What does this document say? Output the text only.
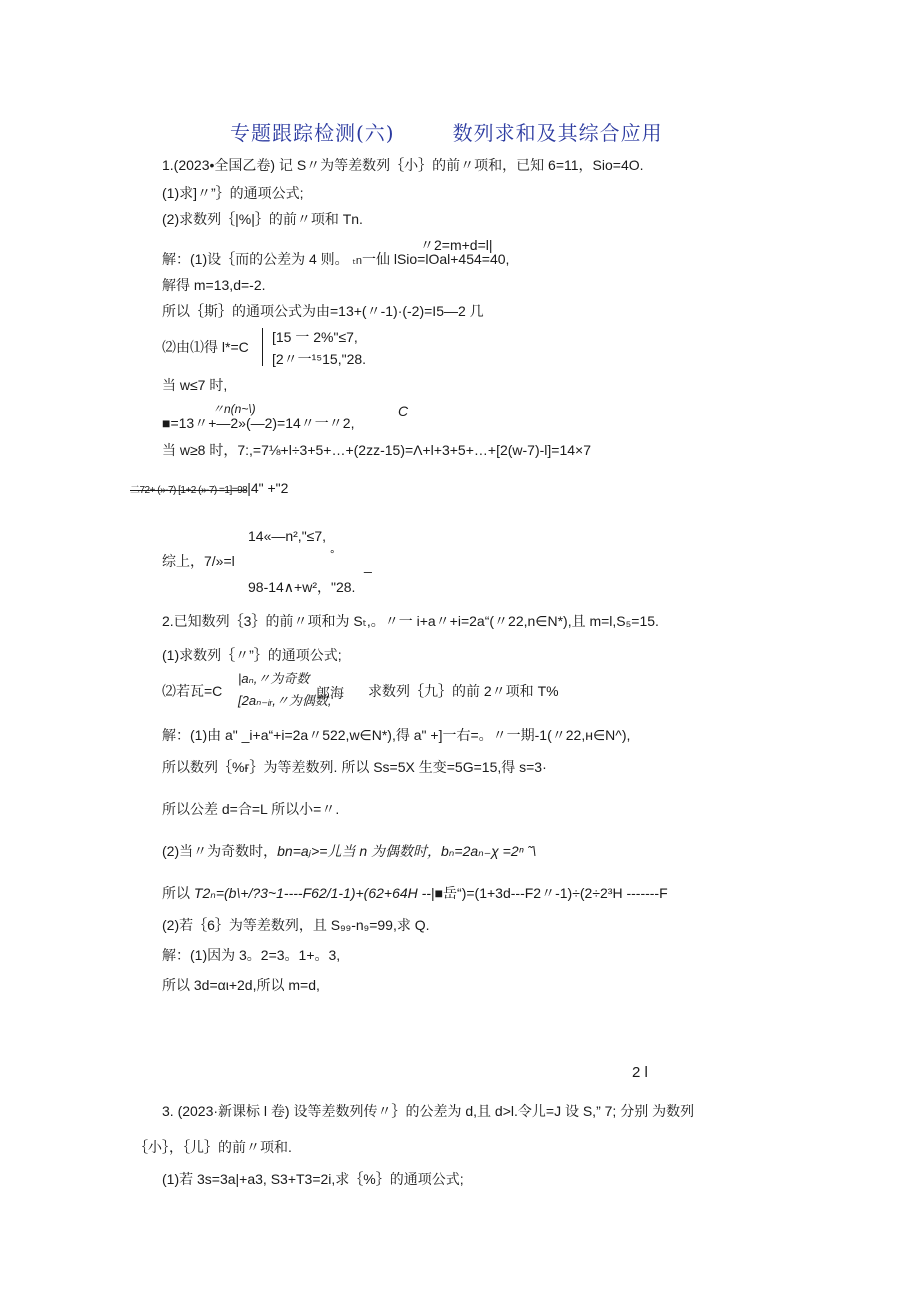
专题跟踪检测(六)	数列求和及其综合应用
1.(2023•全国乙卷) 记 S〃为等差数列｛小｝的前〃项和，已知 6=11，Sio=4O.
(1)求]〃”｝的通项公式;
(2)求数列｛|%|｝的前〃项和 Tn.
〃2=m+d=l|
解：(1)设｛而的公差为 4 则。 ₜn一仙 lSio=lOal+454=40,
解得 m=13,d=-2.
所以｛斯｝的通项公式为由=13+(〃-1)·(-2)=I5—2 几
⑵由⑴得 l*=C
[15 一 2%"≤7,
[2〃一¹⁵15,"28.
当 w≤7 时,
〃n(n~\)	C
■=13〃+—2»(—2)=14〃一〃2,
当 w≥8 时，7:,=7⅛+l÷3+5+…+(2zz-15)=Λ+l+3+5+…+[2(w-7)-l]=14×7
二72+ (»-7) [1+2 (»-7) =1]=98|4" +"2
14«—n²,"≤7,
综上，7/»=l	°
_
98-14∧+w²，"28.
2.已知数列｛3｝的前〃项和为 Sₜ,。〃一 i+a〃+i=2a“(〃22,n∈N*),且 m=l,S₅=15.
(1)求数列｛〃”｝的通项公式;
⑵若瓦=C
|aₙ,〃为奇数
[2aₙ₋ᵢᵣ,〃为偶数,
郎海 求数列｛九｝的前 2〃项和 T%
解：(1)由 a" _i+a“+i=2a〃522,w∈N*),得 a" +]一右=。〃一期-1(〃22,ʜ∈N^),
所以数列｛%ғ｝为等差数列. 所以 Ss=5X 生变=5G=15,得 s=3·
所以公差 d=合=L 所以小=〃.
(2)当〃为奇数时，bn=aⱼ>=儿当 n 为偶数时，bₙ=2aₙ₋χ =2ⁿ ˜\
所以 T2ₙ=(b\+/?3~1----F62/1-1)+(62+64H --|■岳“)=(1+3d---F2〃-1)÷(2÷2³H -------F
(2)若｛6｝为等差数列，且 S₉₉-n₉=99,求 Q.
解：(1)因为 3。2=3。1+。3,
所以 3d=αι+2d,所以 m=d,
2 l
3. (2023·新课标 l 卷) 设等差数列传〃｝的公差为 d,且 d>l.令儿=J 设 S,” 7; 分别 为数列
｛小｝，｛儿｝的前〃项和.
(1)若 3s=3a|+a3, S3+T3=2i,求｛%｝的通项公式;
